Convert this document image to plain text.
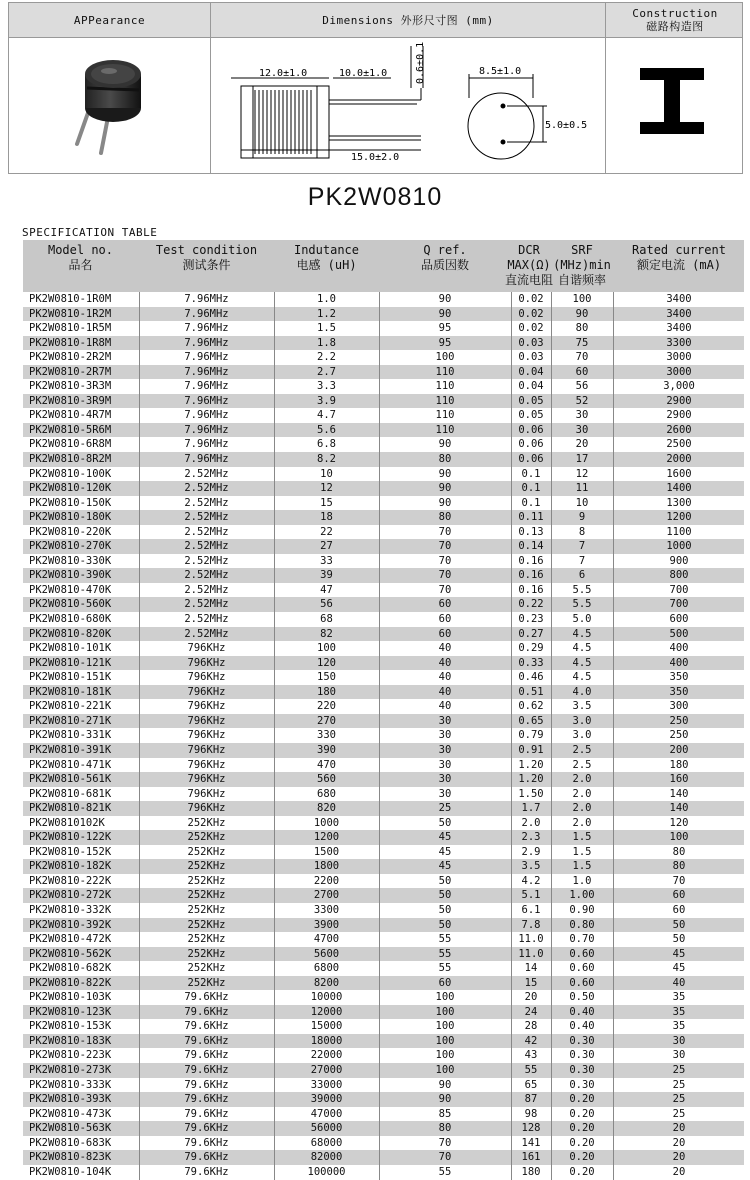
APPearance	Dimensions 外形尺寸图 (mm)	Construction
磁路构造图
12.0±1.0	10.0±1.0	0.6±0.1
15.0±2.0
8.5±1.0
5.0±0.5
PK2W0810
SPECIFICATION TABLE
Model no.
品名
Test condition
测试条件
Indutance
电感 (uH)
Q ref.
品质因数
DCR
MAX(Ω)
直流电阻
SRF
(MHz)min
自谐频率
Rated current
额定电流 (mA)
PK2W0810-1R0M	7.96MHz	1.0	90	0.02	100	3400
PK2W0810-1R2M	7.96MHz	1.2	90	0.02	90	3400
PK2W0810-1R5M	7.96MHz	1.5	95	0.02	80	3400
PK2W0810-1R8M	7.96MHz	1.8	95	0.03	75	3300
PK2W0810-2R2M	7.96MHz	2.2	100	0.03	70	3000
PK2W0810-2R7M	7.96MHz	2.7	110	0.04	60	3000
PK2W0810-3R3M	7.96MHz	3.3	110	0.04	56	3,000
PK2W0810-3R9M	7.96MHz	3.9	110	0.05	52	2900
PK2W0810-4R7M	7.96MHz	4.7	110	0.05	30	2900
PK2W0810-5R6M	7.96MHz	5.6	110	0.06	30	2600
PK2W0810-6R8M	7.96MHz	6.8	90	0.06	20	2500
PK2W0810-8R2M	7.96MHz	8.2	80	0.06	17	2000
PK2W0810-100K	2.52MHz	10	90	0.1	12	1600
PK2W0810-120K	2.52MHz	12	90	0.1	11	1400
PK2W0810-150K	2.52MHz	15	90	0.1	10	1300
PK2W0810-180K	2.52MHz	18	80	0.11	9	1200
PK2W0810-220K	2.52MHz	22	70	0.13	8	1100
PK2W0810-270K	2.52MHz	27	70	0.14	7	1000
PK2W0810-330K	2.52MHz	33	70	0.16	7	900
PK2W0810-390K	2.52MHz	39	70	0.16	6	800
PK2W0810-470K	2.52MHz	47	70	0.16	5.5	700
PK2W0810-560K	2.52MHz	56	60	0.22	5.5	700
PK2W0810-680K	2.52MHz	68	60	0.23	5.0	600
PK2W0810-820K	2.52MHz	82	60	0.27	4.5	500
PK2W0810-101K	796KHz	100	40	0.29	4.5	400
PK2W0810-121K	796KHz	120	40	0.33	4.5	400
PK2W0810-151K	796KHz	150	40	0.46	4.5	350
PK2W0810-181K	796KHz	180	40	0.51	4.0	350
PK2W0810-221K	796KHz	220	40	0.62	3.5	300
PK2W0810-271K	796KHz	270	30	0.65	3.0	250
PK2W0810-331K	796KHz	330	30	0.79	3.0	250
PK2W0810-391K	796KHz	390	30	0.91	2.5	200
PK2W0810-471K	796KHz	470	30	1.20	2.5	180
PK2W0810-561K	796KHz	560	30	1.20	2.0	160
PK2W0810-681K	796KHz	680	30	1.50	2.0	140
PK2W0810-821K	796KHz	820	25	1.7	2.0	140
PK2W0810102K	252KHz	1000	50	2.0	2.0	120
PK2W0810-122K	252KHz	1200	45	2.3	1.5	100
PK2W0810-152K	252KHz	1500	45	2.9	1.5	80
PK2W0810-182K	252KHz	1800	45	3.5	1.5	80
PK2W0810-222K	252KHz	2200	50	4.2	1.0	70
PK2W0810-272K	252KHz	2700	50	5.1	1.00	60
PK2W0810-332K	252KHz	3300	50	6.1	0.90	60
PK2W0810-392K	252KHz	3900	50	7.8	0.80	50
PK2W0810-472K	252KHz	4700	55	11.0	0.70	50
PK2W0810-562K	252KHz	5600	55	11.0	0.60	45
PK2W0810-682K	252KHz	6800	55	14	0.60	45
PK2W0810-822K	252KHz	8200	60	15	0.60	40
PK2W0810-103K	79.6KHz	10000	100	20	0.50	35
PK2W0810-123K	79.6KHz	12000	100	24	0.40	35
PK2W0810-153K	79.6KHz	15000	100	28	0.40	35
PK2W0810-183K	79.6KHz	18000	100	42	0.30	30
PK2W0810-223K	79.6KHz	22000	100	43	0.30	30
PK2W0810-273K	79.6KHz	27000	100	55	0.30	25
PK2W0810-333K	79.6KHz	33000	90	65	0.30	25
PK2W0810-393K	79.6KHz	39000	90	87	0.20	25
PK2W0810-473K	79.6KHz	47000	85	98	0.20	25
PK2W0810-563K	79.6KHz	56000	80	128	0.20	20
PK2W0810-683K	79.6KHz	68000	70	141	0.20	20
PK2W0810-823K	79.6KHz	82000	70	161	0.20	20
PK2W0810-104K	79.6KHz	100000	55	180	0.20	20
